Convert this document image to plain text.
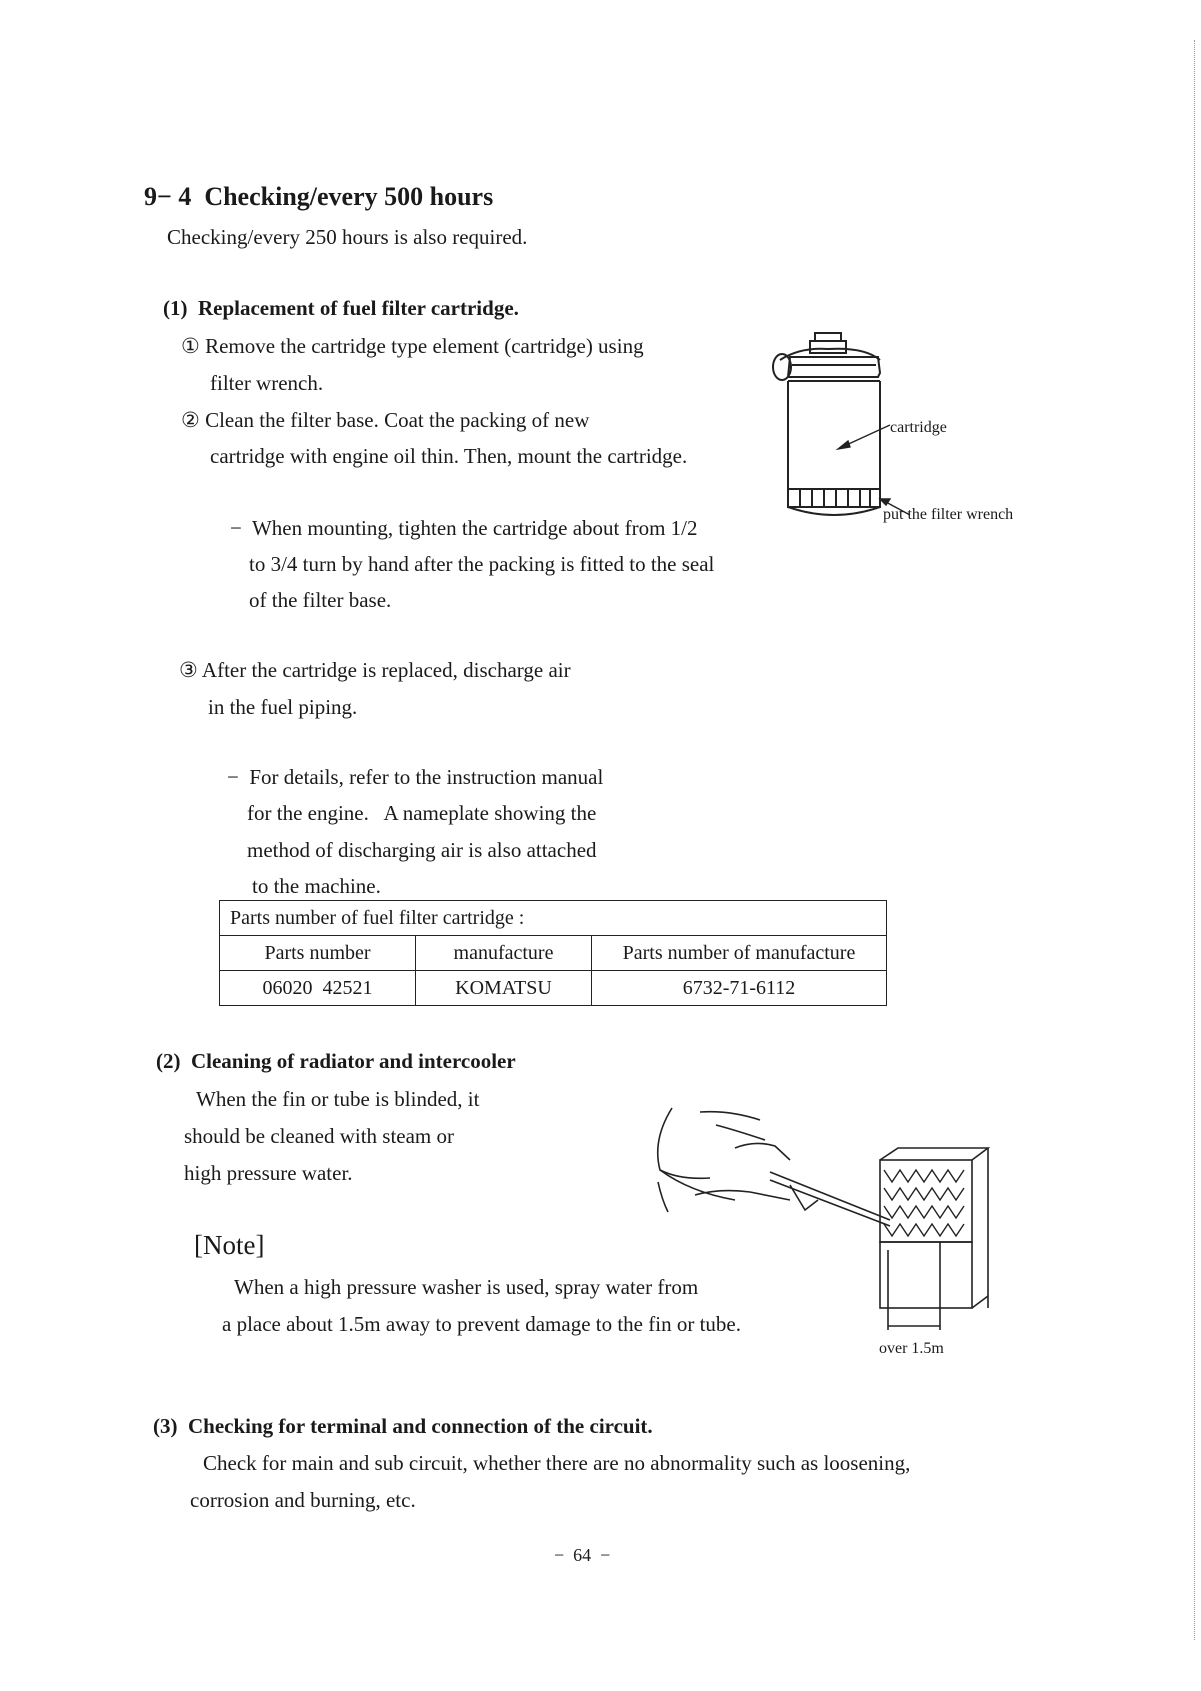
9− 4  Checking/every 500 hours
Checking/every 250 hours is also required.
(1)  Replacement of fuel filter cartridge.
① Remove the cartridge type element (cartridge) using
filter wrench.
② Clean the filter base. Coat the packing of new
cartridge with engine oil thin. Then, mount the cartridge.
−  When mounting, tighten the cartridge about from 1/2
to 3/4 turn by hand after the packing is fitted to the seal
of the filter base.
③ After the cartridge is replaced, discharge air
in the fuel piping.
−  For details, refer to the instruction manual
for the engine.   A nameplate showing the
method of discharging air is also attached
to the machine.
cartridge
put the filter wrench
Parts number of fuel filter cartridge :		
Parts number	manufacture	Parts number of manufacture
06020  42521	KOMATSU	6732-71-6112
(2)  Cleaning of radiator and intercooler
When the fin or tube is blinded, it
should be cleaned with steam or
high pressure water.
[Note]
When a high pressure washer is used, spray water from
a place about 1.5m away to prevent damage to the fin or tube.
over 1.5m
(3)  Checking for terminal and connection of the circuit.
Check for main and sub circuit, whether there are no abnormality such as loosening,
corrosion and burning, etc.
−  64  −
